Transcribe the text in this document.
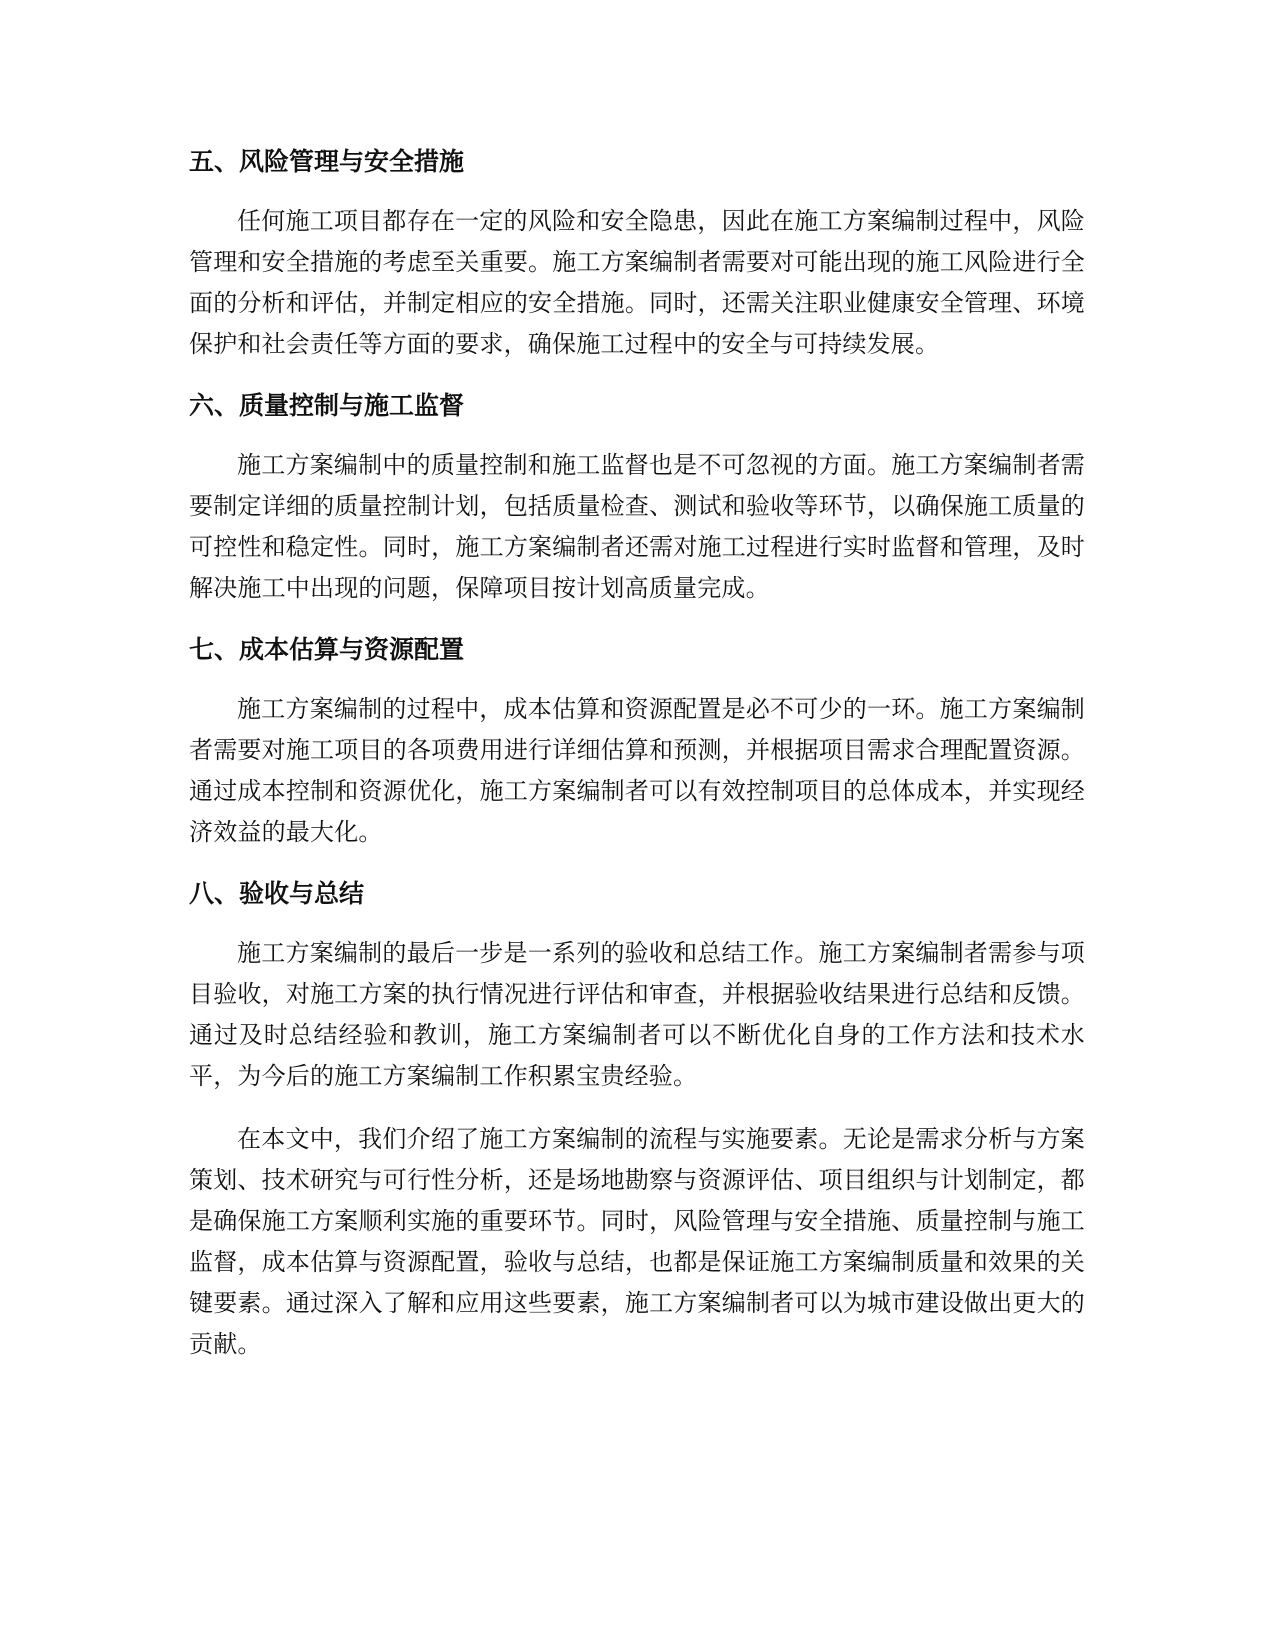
五、风险管理与安全措施

任何施工项目都存在一定的风险和安全隐患，因此在施工方案编制过程中，风险管理和安全措施的考虑至关重要。施工方案编制者需要对可能出现的施工风险进行全面的分析和评估，并制定相应的安全措施。同时，还需关注职业健康安全管理、环境保护和社会责任等方面的要求，确保施工过程中的安全与可持续发展。

六、质量控制与施工监督

施工方案编制中的质量控制和施工监督也是不可忽视的方面。施工方案编制者需要制定详细的质量控制计划，包括质量检查、测试和验收等环节，以确保施工质量的可控性和稳定性。同时，施工方案编制者还需对施工过程进行实时监督和管理，及时解决施工中出现的问题，保障项目按计划高质量完成。

七、成本估算与资源配置

施工方案编制的过程中，成本估算和资源配置是必不可少的一环。施工方案编制者需要对施工项目的各项费用进行详细估算和预测，并根据项目需求合理配置资源。通过成本控制和资源优化，施工方案编制者可以有效控制项目的总体成本，并实现经济效益的最大化。

八、验收与总结

施工方案编制的最后一步是一系列的验收和总结工作。施工方案编制者需参与项目验收，对施工方案的执行情况进行评估和审查，并根据验收结果进行总结和反馈。通过及时总结经验和教训，施工方案编制者可以不断优化自身的工作方法和技术水平，为今后的施工方案编制工作积累宝贵经验。

在本文中，我们介绍了施工方案编制的流程与实施要素。无论是需求分析与方案策划、技术研究与可行性分析，还是场地勘察与资源评估、项目组织与计划制定，都是确保施工方案顺利实施的重要环节。同时，风险管理与安全措施、质量控制与施工监督，成本估算与资源配置，验收与总结，也都是保证施工方案编制质量和效果的关键要素。通过深入了解和应用这些要素，施工方案编制者可以为城市建设做出更大的贡献。
